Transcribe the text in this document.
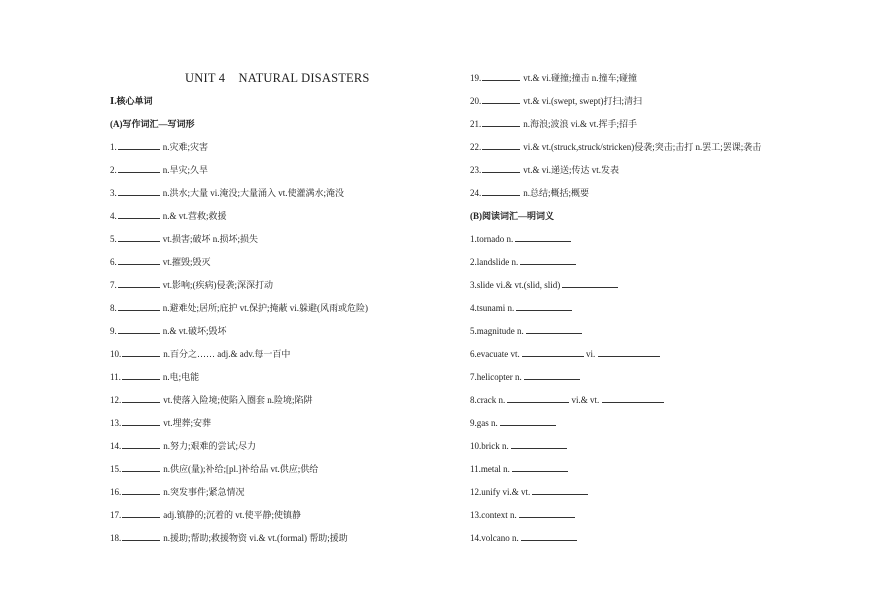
UNIT 4    NATURAL DISASTERS
Ⅰ.核心单词
(A)写作词汇—写词形
1.	n.灾难;灾害
2.	n.旱灾;久旱
3.	n.洪水;大量 vi.淹没;大量涌入 vt.使灌满水;淹没
4.	n.& vt.营救;救援
5.	vt.损害;破坏 n.损坏;损失
6.	vt.摧毁;毁灭
7.	vt.影响;(疾病)侵袭;深深打动
8.	n.避难处;居所;庇护 vt.保护;掩蔽 vi.躲避(风雨或危险)
9.	n.& vt.破坏;毁坏
10.	n.百分之…… adj.& adv.每一百中
11.	n.电;电能
12.	vt.使落入险境;使陷入圈套 n.险境;陷阱
13.	vt.埋葬;安葬
14.	n.努力;艰难的尝试;尽力
15.	n.供应(量);补给;[pl.]补给品 vt.供应;供给
16.	n.突发事件;紧急情况
17.	adj.镇静的;沉着的 vt.使平静;使镇静
18.	n.援助;帮助;救援物资 vi.& vt.(formal) 帮助;援助
19.	vt.& vi.碰撞;撞击 n.撞车;碰撞
20.	vt.& vi.(swept, swept)打扫;清扫
21.	n.海浪;波浪 vi.& vt.挥手;招手
22.	vi.& vt.(struck,struck/stricken)侵袭;突击;击打 n.罢工;罢课;袭击
23.	vt.& vi.递送;传达 vt.发表
24.	n.总结;概括;概要
(B)阅读词汇—明词义
1.tornado n.
2.landslide n.
3.slide vi.& vt.(slid, slid)
4.tsunami n.
5.magnitude n.
6.evacuate vt.	vi.
7.helicopter n.
8.crack n.	vi.& vt.
9.gas n.
10.brick n.
11.metal n.
12.unify vi.& vt.
13.context n.
14.volcano n.
